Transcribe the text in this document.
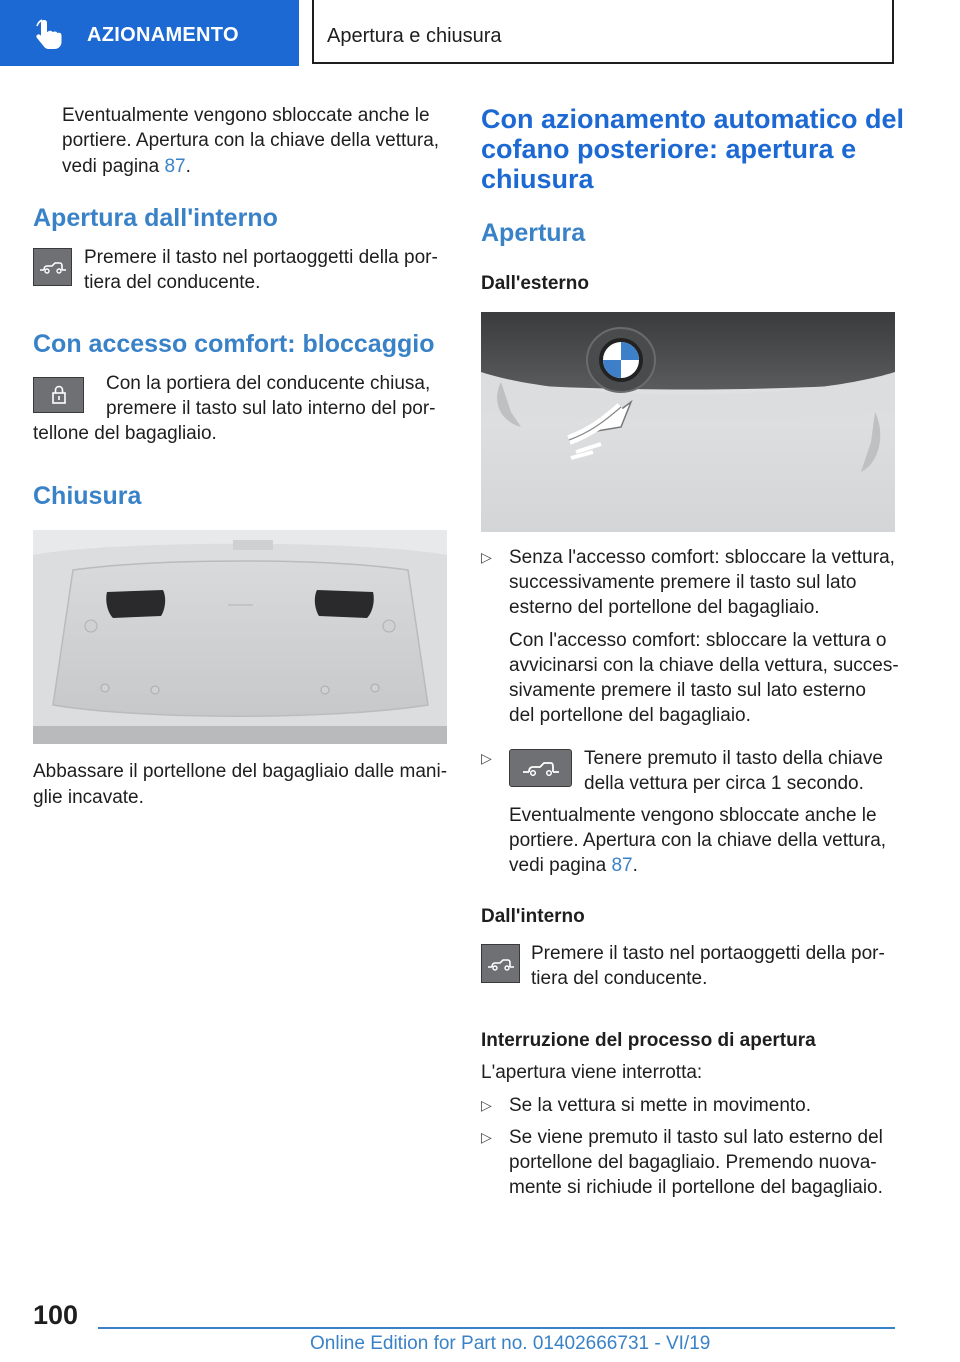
AZIONAMENTO	Apertura e chiusura
Eventualmente vengono sbloccate anche le
portiere. Apertura con la chiave della vettura,
vedi pagina 87.
Apertura dall'interno
Premere il tasto nel portaoggetti della por-
tiera del conducente.
Con accesso comfort: bloccaggio
Con la portiera del conducente chiusa,
premere il tasto sul lato interno del por-
tellone del bagagliaio.
Chiusura
Abbassare il portellone del bagagliaio dalle mani-
glie incavate.
Con azionamento automatico del
cofano posteriore: apertura e
chiusura
Apertura
Dall'esterno
▷ Senza l'accesso comfort: sbloccare la vettura,
successivamente premere il tasto sul lato
esterno del portellone del bagagliaio.
Con l'accesso comfort: sbloccare la vettura o
avvicinarsi con la chiave della vettura, succes-
sivamente premere il tasto sul lato esterno
del portellone del bagagliaio.
▷	Tenere premuto il tasto della chiave
della vettura per circa 1 secondo.
Eventualmente vengono sbloccate anche le
portiere. Apertura con la chiave della vettura,
vedi pagina 87.
Dall'interno
Premere il tasto nel portaoggetti della por-
tiera del conducente.
Interruzione del processo di apertura
L'apertura viene interrotta:
▷ Se la vettura si mette in movimento.
▷ Se viene premuto il tasto sul lato esterno del
portellone del bagagliaio. Premendo nuova-
mente si richiude il portellone del bagagliaio.
100
Online Edition for Part no. 01402666731 - VI/19
